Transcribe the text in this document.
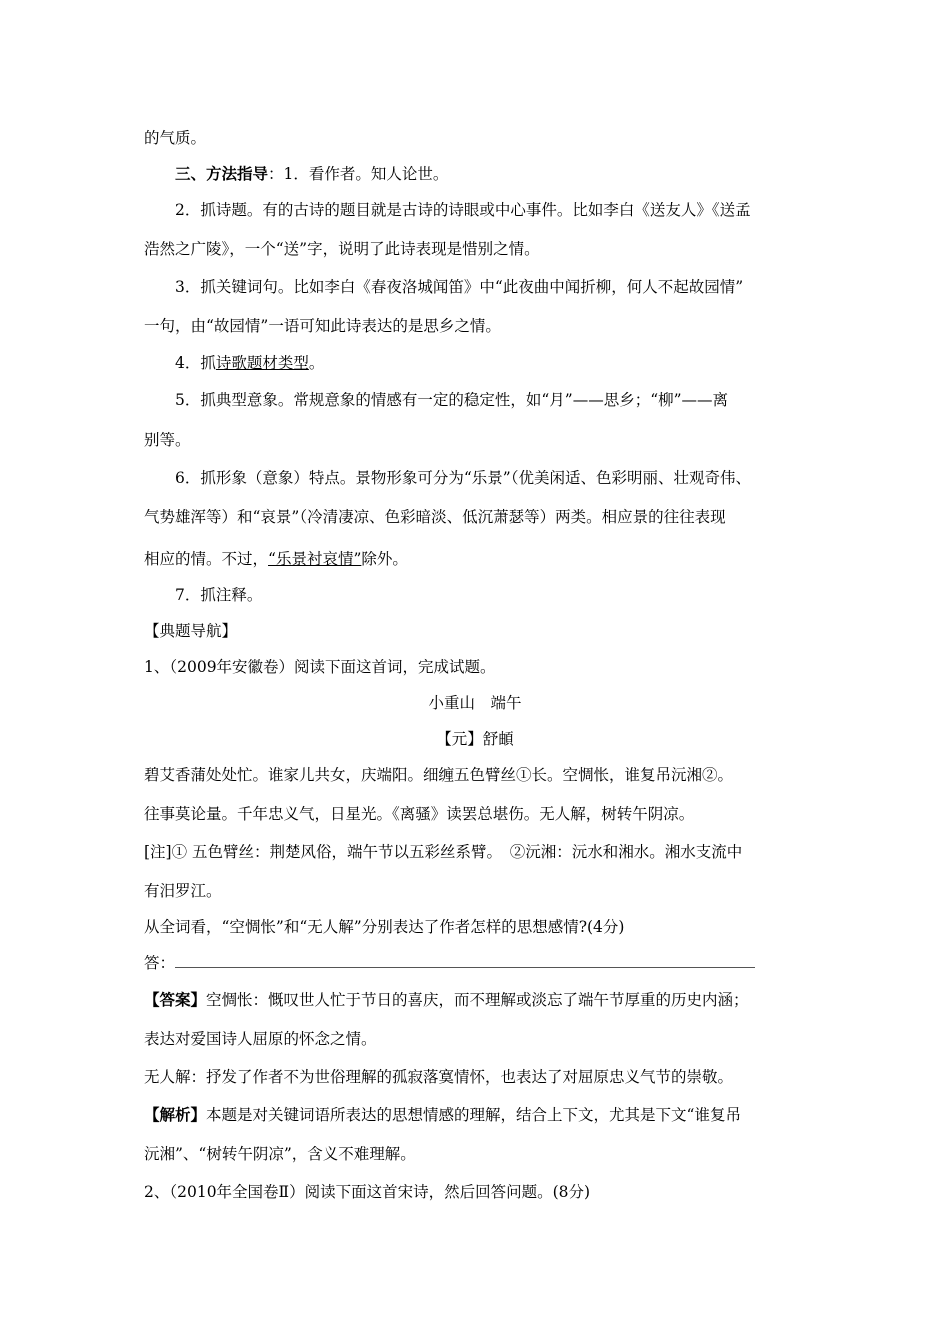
的气质。
三、方法指导：1．看作者。知人论世。
2．抓诗题。有的古诗的题目就是古诗的诗眼或中心事件。比如李白《送友人》《送孟
浩然之广陵》，一个“送”字，说明了此诗表现是惜别之情。
3．抓关键词句。比如李白《春夜洛城闻笛》中“此夜曲中闻折柳，何人不起故园情”
一句，由“故园情”一语可知此诗表达的是思乡之情。
4．抓诗歌题材类型。
5．抓典型意象。常规意象的情感有一定的稳定性，如“月”——思乡；“柳”——离
别等。
6．抓形象（意象）特点。景物形象可分为“乐景”（优美闲适、色彩明丽、壮观奇伟、
气势雄浑等）和“哀景”（冷清凄凉、色彩暗淡、低沉萧瑟等）两类。相应景的往往表现
相应的情。不过，“乐景衬哀情”除外。
7．抓注释。
【典题导航】
1、（2009年安徽卷）阅读下面这首词，完成试题。
小重山　端午
【元】舒頔
碧艾香蒲处处忙。谁家儿共女，庆端阳。细缠五色臂丝①长。空惆怅，谁复吊沅湘②。
往事莫论量。千年忠义气，日星光。《离骚》读罢总堪伤。无人解，树转午阴凉。
[注]① 五色臂丝：荆楚风俗，端午节以五彩丝系臂。　②沅湘：沅水和湘水。湘水支流中
有汨罗江。
从全词看，“空惆怅”和“无人解”分别表达了作者怎样的思想感情?(4分)
答：
【答案】空惆怅：慨叹世人忙于节日的喜庆，而不理解或淡忘了端午节厚重的历史内涵；
表达对爱国诗人屈原的怀念之情。
无人解：抒发了作者不为世俗理解的孤寂落寞情怀，也表达了对屈原忠义气节的崇敬。
【解析】本题是对关键词语所表达的思想情感的理解，结合上下文，尤其是下文“谁复吊
沅湘”、“树转午阴凉”，含义不难理解。
2、（2010年全国卷Ⅱ）阅读下面这首宋诗，然后回答问题。(8分)
